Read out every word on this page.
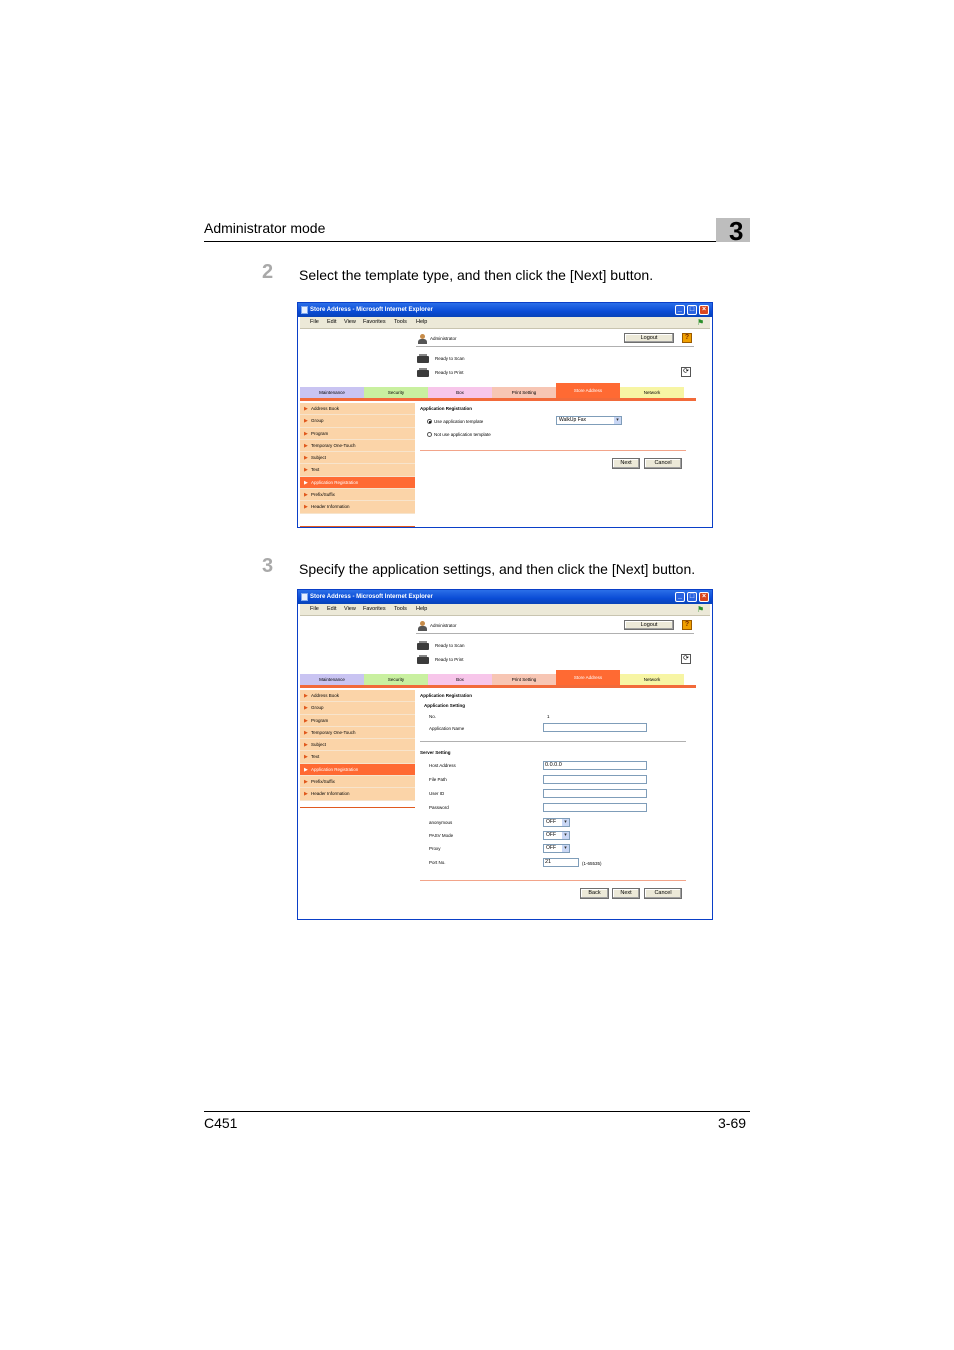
Administrator mode	3
2 Select the template type, and then click the [Next] button.
Store Address - Microsoft Internet Explorer	_	□	×
File Edit View Favorites Tools Help	⚑
Administrator	Logout	?
Ready to Scan
Ready to Print	⟳
Maintenance	Security	Box	Print Setting	Store Address	Network
▶ Address Book
▶ Group
▶ Program
▶ Temporary One-Touch
▶ Subject
▶ Text
▶ Application Registration
▶ Prefix/Suffix
▶ Header Information
Application Registration
Use application template
Not use application template
WalkUp Fax	▾
Next	Cancel
3 Specify the application settings, and then click the [Next] button.
Store Address - Microsoft Internet Explorer	_	□	×
File Edit View Favorites Tools Help	⚑
Administrator	Logout	?
Ready to Scan
Ready to Print	⟳
Maintenance	Security	Box	Print Setting	Store Address	Network
▶ Address Book
▶ Group
▶ Program
▶ Temporary One-Touch
▶ Subject
▶ Text
▶ Application Registration
▶ Prefix/Suffix
▶ Header Information
Application Registration
Application Setting
No.	1
Application Name
Server Setting
Host Address	0.0.0.0
File Path
User ID
Password
anonymous	OFF	▾
PASV Mode	OFF	▾
Proxy	OFF	▾
Port No.	21	(1-65535)
Back	Next	Cancel
C451	3-69
